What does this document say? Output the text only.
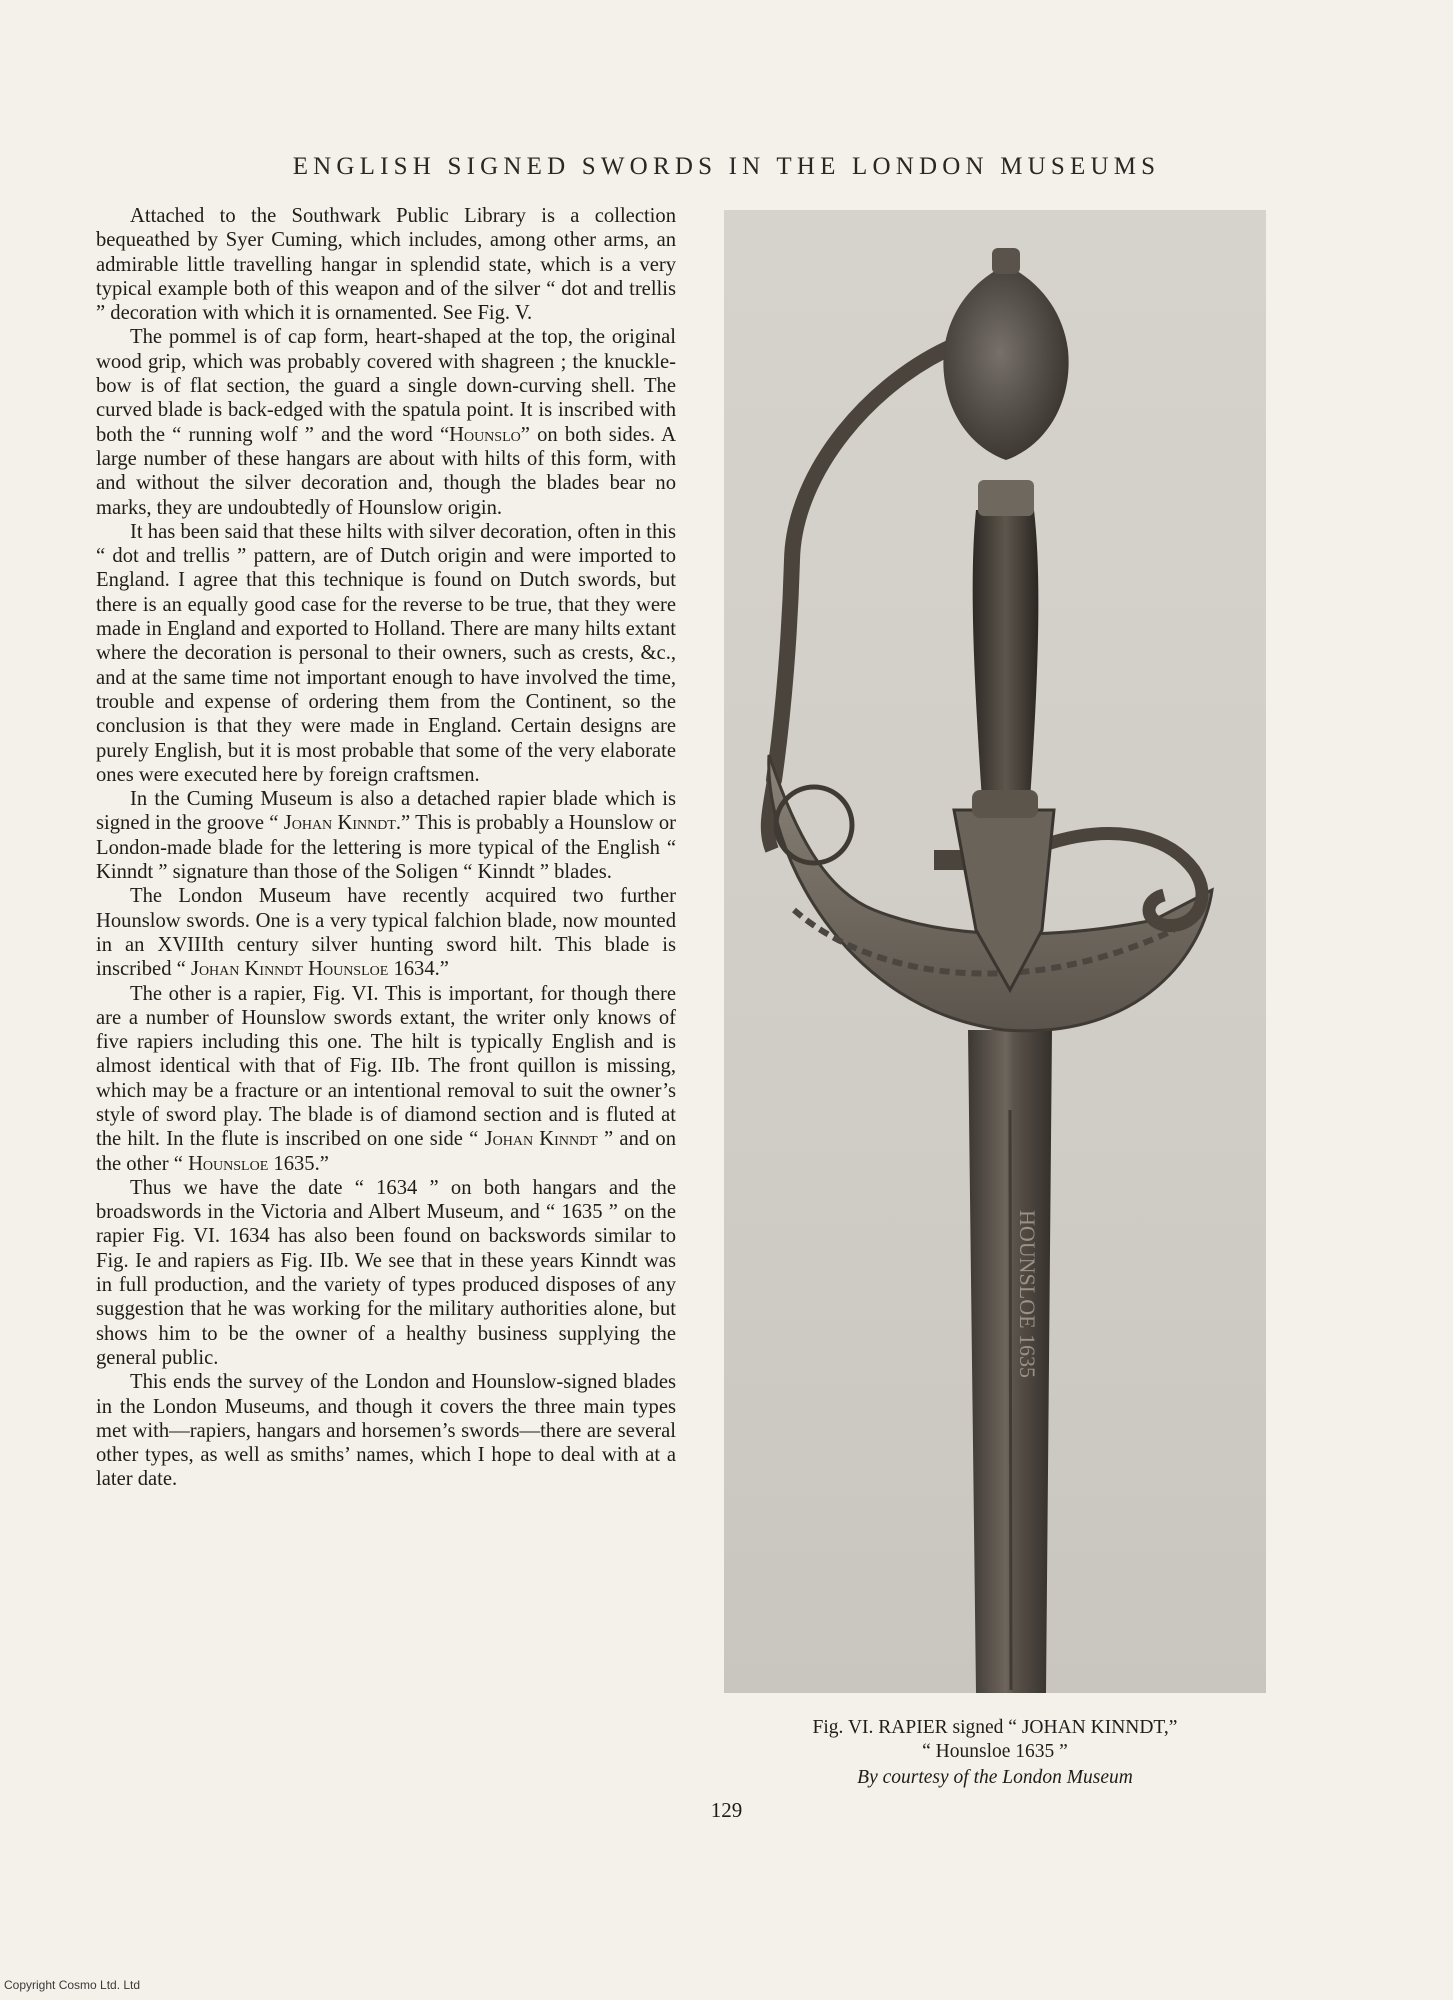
ENGLISH SIGNED SWORDS IN THE LONDON MUSEUMS

Attached to the Southwark Public Library is a collection bequeathed by Syer Cuming, which includes, among other arms, an admirable little travelling hangar in splendid state, which is a very typical example both of this weapon and of the silver “ dot and trellis ” decoration with which it is ornamented. See Fig. V.

The pommel is of cap form, heart-shaped at the top, the original wood grip, which was probably covered with shagreen ; the knuckle-bow is of flat section, the guard a single down-curving shell. The curved blade is back-edged with the spatula point. It is inscribed with both the “ running wolf ” and the word “Hounslo” on both sides. A large number of these hangars are about with hilts of this form, with and without the silver decoration and, though the blades bear no marks, they are undoubtedly of Hounslow origin.

It has been said that these hilts with silver decoration, often in this “ dot and trellis ” pattern, are of Dutch origin and were imported to England. I agree that this technique is found on Dutch swords, but there is an equally good case for the reverse to be true, that they were made in England and exported to Holland. There are many hilts extant where the decoration is personal to their owners, such as crests, &c., and at the same time not important enough to have involved the time, trouble and expense of ordering them from the Continent, so the conclusion is that they were made in England. Certain designs are purely English, but it is most probable that some of the very elaborate ones were executed here by foreign craftsmen.

In the Cuming Museum is also a detached rapier blade which is signed in the groove “ Johan Kinndt.” This is probably a Hounslow or London-made blade for the lettering is more typical of the English “ Kinndt ” signature than those of the Soligen “ Kinndt ” blades.

The London Museum have recently acquired two further Hounslow swords. One is a very typical falchion blade, now mounted in an XVIIIth century silver hunting sword hilt. This blade is inscribed “ Johan Kinndt Hounsloe 1634.”

The other is a rapier, Fig. VI. This is important, for though there are a number of Hounslow swords extant, the writer only knows of five rapiers including this one. The hilt is typically English and is almost identical with that of Fig. IIb. The front quillon is missing, which may be a fracture or an intentional removal to suit the owner’s style of sword play. The blade is of diamond section and is fluted at the hilt. In the flute is inscribed on one side “ Johan Kinndt ” and on the other “ Hounsloe 1635.”

Thus we have the date “ 1634 ” on both hangars and the broadswords in the Victoria and Albert Museum, and “ 1635 ” on the rapier Fig. VI. 1634 has also been found on backswords similar to Fig. Ie and rapiers as Fig. IIb. We see that in these years Kinndt was in full production, and the variety of types produced disposes of any suggestion that he was working for the military authorities alone, but shows him to be the owner of a healthy business supplying the general public.

This ends the survey of the London and Hounslow-signed blades in the London Museums, and though it covers the three main types met with—rapiers, hangars and horsemen’s swords—there are several other types, as well as smiths’ names, which I hope to deal with at a later date.

HOUNSLOE 1635
Fig. VI. RAPIER signed “ JOHAN KINNDT,”
“ Hounsloe 1635 ”
By courtesy of the London Museum
129
Copyright Cosmo Ltd. Ltd
